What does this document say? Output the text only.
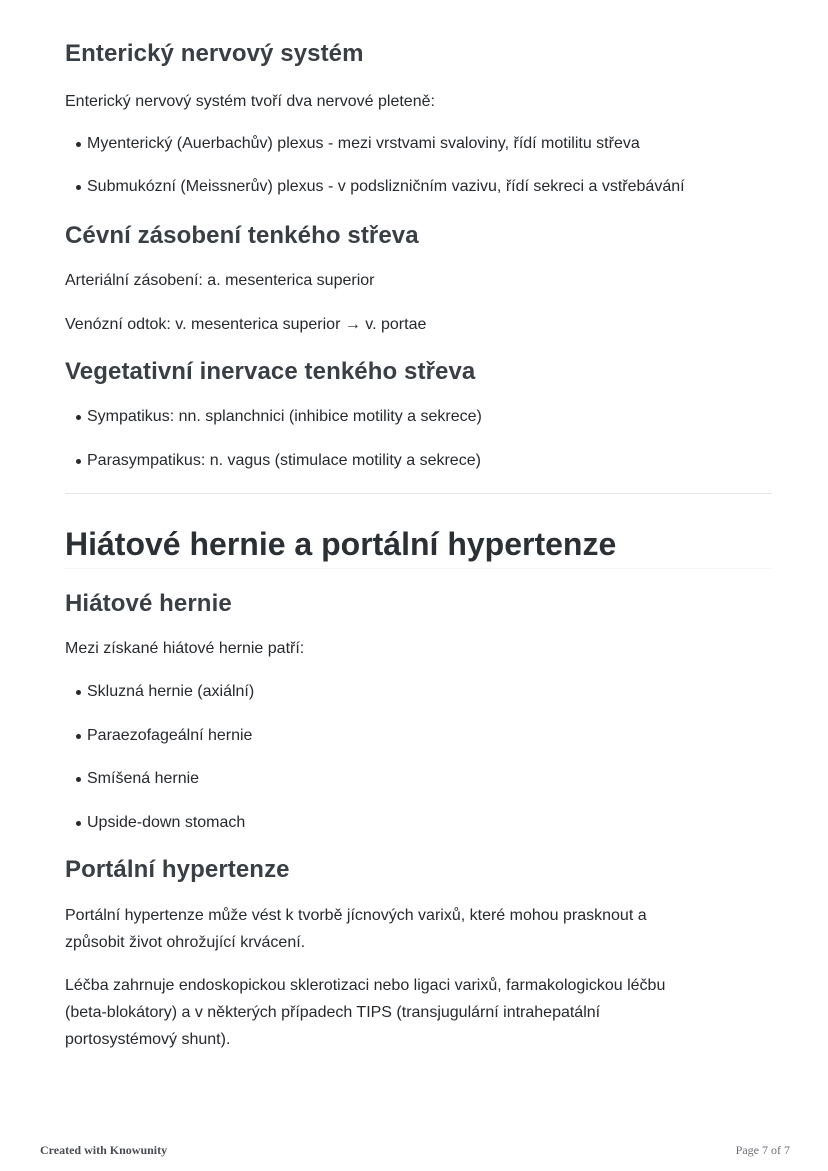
Enterický nervový systém

Enterický nervový systém tvoří dva nervové pleteně:

Myenterický (Auerbachův) plexus - mezi vrstvami svaloviny, řídí motilitu střeva
Submukózní (Meissnerův) plexus - v podslizničním vazivu, řídí sekreci a vstřebávání
Cévní zásobení tenkého střeva

Arteriální zásobení: a. mesenterica superior

Venózní odtok: v. mesenterica superior → v. portae

Vegetativní inervace tenkého střeva
Sympatikus: nn. splanchnici (inhibice motility a sekrece)
Parasympatikus: n. vagus (stimulace motility a sekrece)
Hiátové hernie a portální hypertenze
Hiátové hernie

Mezi získané hiátové hernie patří:

Skluzná hernie (axiální)
Paraezofageální hernie
Smíšená hernie
Upside-down stomach
Portální hypertenze

Portální hypertenze může vést k tvorbě jícnových varixů, které mohou prasknout a

způsobit život ohrožující krvácení.

Léčba zahrnuje endoskopickou sklerotizaci nebo ligaci varixů, farmakologickou léčbu

(beta-blokátory) a v některých případech TIPS (transjugulární intrahepatální

portosystémový shunt).

Created with Knowunity	Page 7 of 7
